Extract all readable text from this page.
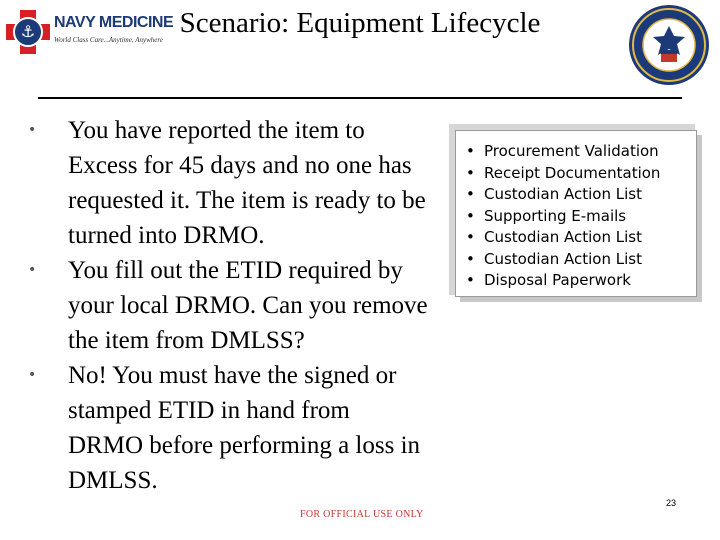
⚓	NAVY MEDICINE
World Class Care...Anytime, Anywhere
Scenario: Equipment Lifecycle
• You have reported the item to Excess for 45 days and no one has requested it. The item is ready to be turned into DRMO.
• You fill out the ETID required by your local DRMO. Can you remove the item from DMLSS?
• No! You must have the signed or stamped ETID in hand from DRMO before performing a loss in DMLSS.
• Procurement Validation
• Receipt Documentation
• Custodian Action List
• Supporting E-mails
• Custodian Action List
• Custodian Action List
• Disposal Paperwork
23
FOR OFFICIAL USE ONLY
